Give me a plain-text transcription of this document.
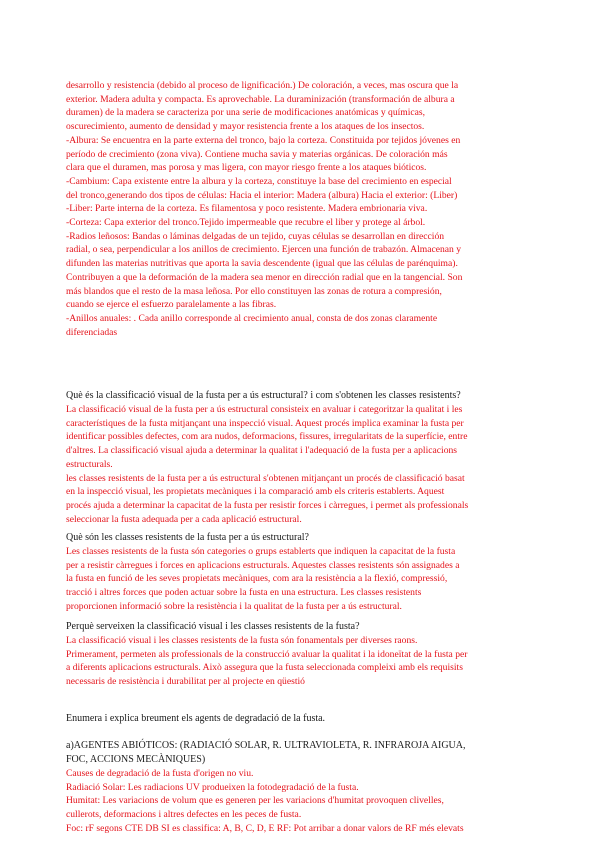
desarrollo y resistencia (debido al proceso de lignificación.) De coloración, a veces, mas oscura que la
exterior. Madera adulta y compacta. Es aprovechable. La duraminización (transformación de albura a
duramen) de la madera se caracteriza por una serie de modificaciones anatómicas y químicas,
oscurecimiento, aumento de densidad y mayor resistencia frente a los ataques de los insectos.
-Albura: Se encuentra en la parte externa del tronco, bajo la corteza. Constituida por tejidos jóvenes en
período de crecimiento (zona viva). Contiene mucha savia y materias orgánicas. De coloración más
clara que el duramen, mas porosa y mas ligera, con mayor riesgo frente a los ataques bióticos.
-Cambium: Capa existente entre la albura y la corteza, constituye la base del crecimiento en especial
del tronco,generando dos tipos de células: Hacia el interior: Madera (albura) Hacia el exterior: (Liber)
-Liber: Parte interna de la corteza. Es filamentosa y poco resistente. Madera embrionaria viva.
-Corteza: Capa exterior del tronco.Tejido impermeable que recubre el liber y protege al árbol.
-Radios leñosos: Bandas o láminas delgadas de un tejido, cuyas células se desarrollan en dirección
radial, o sea, perpendicular a los anillos de crecimiento. Ejercen una función de trabazón. Almacenan y
difunden las materias nutritivas que aporta la savia descendente (igual que las células de parénquima).
Contribuyen a que la deformación de la madera sea menor en dirección radial que en la tangencial. Son
más blandos que el resto de la masa leñosa. Por ello constituyen las zonas de rotura a compresión,
cuando se ejerce el esfuerzo paralelamente a las fibras.
-Anillos anuales: . Cada anillo corresponde al crecimiento anual, consta de dos zonas claramente
diferenciadas
Què és la classificació visual de la fusta per a ús estructural? i com s'obtenen les classes resistents?
La classificació visual de la fusta per a ús estructural consisteix en avaluar i categoritzar la qualitat i les
característiques de la fusta mitjançant una inspecció visual. Aquest procés implica examinar la fusta per
identificar possibles defectes, com ara nudos, deformacions, fissures, irregularitats de la superfície, entre
d'altres. La classificació visual ajuda a determinar la qualitat i l'adequació de la fusta per a aplicacions
estructurals.
les classes resistents de la fusta per a ús estructural s'obtenen mitjançant un procés de classificació basat
en la inspecció visual, les propietats mecàniques i la comparació amb els criteris establerts. Aquest
procés ajuda a determinar la capacitat de la fusta per resistir forces i càrregues, i permet als professionals
seleccionar la fusta adequada per a cada aplicació estructural.
Què són les classes resistents de la fusta per a ús estructural?
Les classes resistents de la fusta són categories o grups establerts que indiquen la capacitat de la fusta
per a resistir càrregues i forces en aplicacions estructurals. Aquestes classes resistents són assignades a
la fusta en funció de les seves propietats mecàniques, com ara la resistència a la flexió, compressió,
tracció i altres forces que poden actuar sobre la fusta en una estructura. Les classes resistents
proporcionen informació sobre la resistència i la qualitat de la fusta per a ús estructural.
Perquè serveixen la classificació visual i les classes resistents de la fusta?
La classificació visual i les classes resistents de la fusta són fonamentals per diverses raons.
Primerament, permeten als professionals de la construcció avaluar la qualitat i la idoneïtat de la fusta per
a diferents aplicacions estructurals. Això assegura que la fusta seleccionada compleixi amb els requisits
necessaris de resistència i durabilitat per al projecte en qüestió
Enumera i explica breument els agents de degradació de la fusta.
a)AGENTES ABIÓTICOS: (RADIACIÓ SOLAR, R. ULTRAVIOLETA, R. INFRAROJA AIGUA,
FOC, ACCIONS MECÀNIQUES)
Causes de degradació de la fusta d'origen no viu.
Radiació Solar: Les radiacions UV produeixen la fotodegradació de la fusta.
Humitat: Les variacions de volum que es generen per les variacions d'humitat provoquen clivelles,
cullerots, deformacions i altres defectes en les peces de fusta.
Foc: rF segons CTE DB SI es classifica: A, B, C, D, E RF: Pot arribar a donar valors de RF més elevats
